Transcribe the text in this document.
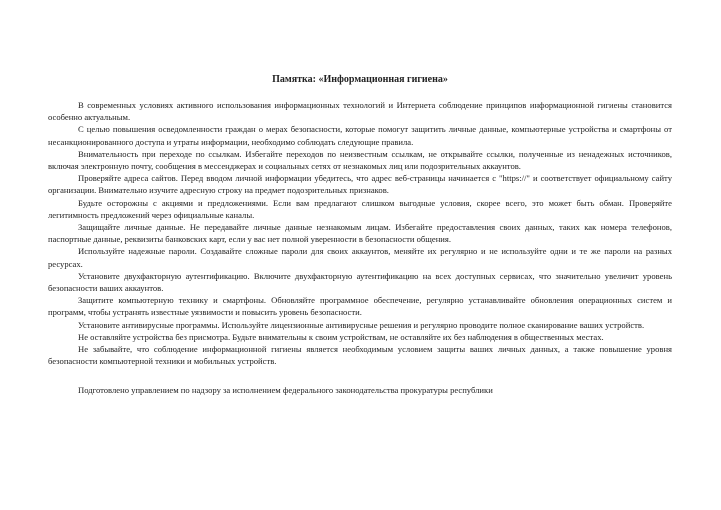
Памятка: «Информационная гигиена»

В современных условиях активного использования информационных технологий и Интернета соблюдение принципов информационной гигиены становится особенно актуальным.

С целью повышения осведомленности граждан о мерах безопасности, которые помогут защитить личные данные, компьютерные устройства и смартфоны от несанкционированного доступа и утраты информации, необходимо соблюдать следующие правила.

Внимательность при переходе по ссылкам. Избегайте переходов по неизвестным ссылкам, не открывайте ссылки, полученные из ненадежных источников, включая электронную почту, сообщения в мессенджерах и социальных сетях от незнакомых лиц или подозрительных аккаунтов.

Проверяйте адреса сайтов. Перед вводом личной информации убедитесь, что адрес веб-страницы начинается с "https://" и соответствует официальному сайту организации. Внимательно изучите адресную строку на предмет подозрительных признаков.

Будьте осторожны с акциями и предложениями. Если вам предлагают слишком выгодные условия, скорее всего, это может быть обман. Проверяйте легитимность предложений через официальные каналы.

Защищайте личные данные. Не передавайте личные данные незнакомым лицам. Избегайте предоставления своих данных, таких как номера телефонов, паспортные данные, реквизиты банковских карт, если у вас нет полной уверенности в безопасности общения.

Используйте надежные пароли. Создавайте сложные пароли для своих аккаунтов, меняйте их регулярно и не используйте одни и те же пароли на разных ресурсах.

Установите двухфакторную аутентификацию. Включите двухфакторную аутентификацию на всех доступных сервисах, что значительно увеличит уровень безопасности ваших аккаунтов.

Защитите компьютерную технику и смартфоны. Обновляйте программное обеспечение, регулярно устанавливайте обновления операционных систем и программ, чтобы устранять известные уязвимости и повысить уровень безопасности.

Установите антивирусные программы. Используйте лицензионные антивирусные решения и регулярно проводите полное сканирование ваших устройств.

Не оставляйте устройства без присмотра. Будьте внимательны к своим устройствам, не оставляйте их без наблюдения в общественных местах.

Не забывайте, что соблюдение информационной гигиены является необходимым условием защиты ваших личных данных, а также повышение уровня безопасности компьютерной техники и мобильных устройств.

Подготовлено управлением по надзору за исполнением федерального законодательства прокуратуры республики
